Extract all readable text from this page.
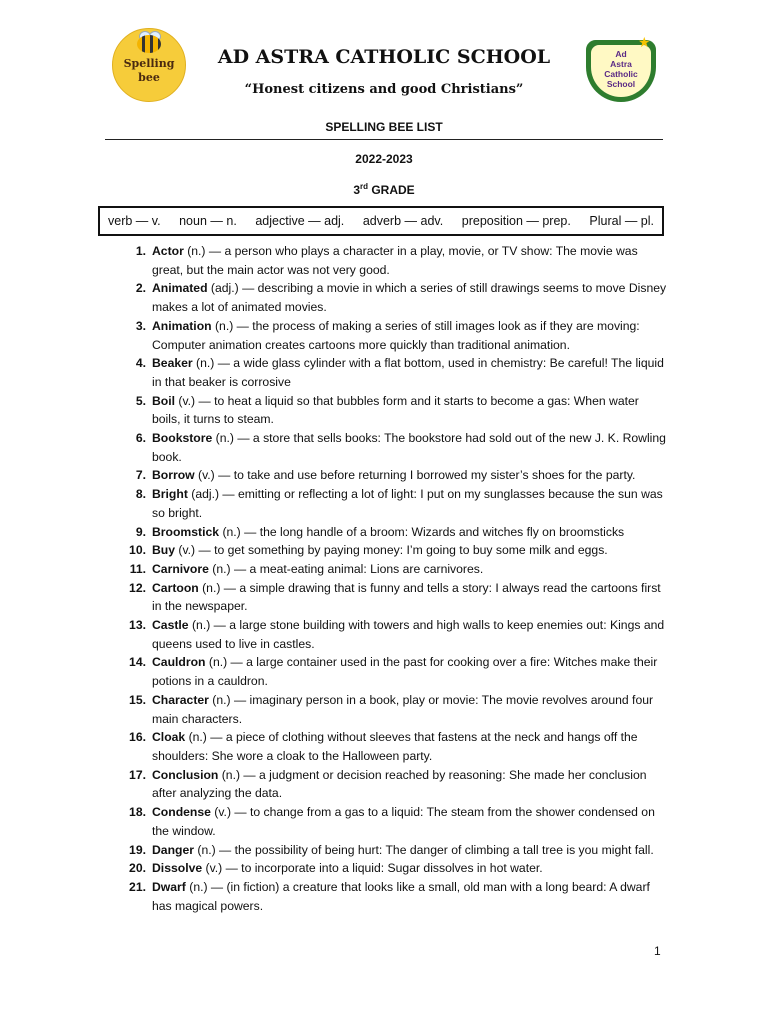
Spelling
bee
AD ASTRA CATHOLIC SCHOOL
“Honest citizens and good Christians”
Ad
Astra
Catholic
School
★
SPELLING BEE LIST
2022-2023
3rd GRADE
verb — v. noun — n. adjective — adj. adverb — adv. preposition — prep. Plural — pl.
1. Actor (n.) — a person who plays a character in a play, movie, or TV show: The movie was great, but the main actor was not very good.
2. Animated (adj.) — describing a movie in which a series of still drawings seems to move Disney makes a lot of animated movies.
3. Animation (n.) — the process of making a series of still images look as if they are moving: Computer animation creates cartoons more quickly than traditional animation.
4. Beaker (n.) — a wide glass cylinder with a flat bottom, used in chemistry: Be careful! The liquid in that beaker is corrosive
5. Boil (v.) — to heat a liquid so that bubbles form and it starts to become a gas: When water boils, it turns to steam.
6. Bookstore (n.) — a store that sells books: The bookstore had sold out of the new J. K. Rowling book.
7. Borrow (v.) — to take and use before returning I borrowed my sister’s shoes for the party.
8. Bright (adj.) — emitting or reflecting a lot of light: I put on my sunglasses because the sun was so bright.
9. Broomstick (n.) — the long handle of a broom: Wizards and witches fly on broomsticks
10. Buy (v.) — to get something by paying money: I’m going to buy some milk and eggs.
11. Carnivore (n.) — a meat-eating animal: Lions are carnivores.
12. Cartoon (n.) — a simple drawing that is funny and tells a story: I always read the cartoons first in the newspaper.
13. Castle (n.) — a large stone building with towers and high walls to keep enemies out: Kings and queens used to live in castles.
14. Cauldron (n.) — a large container used in the past for cooking over a fire: Witches make their potions in a cauldron.
15. Character (n.) — imaginary person in a book, play or movie: The movie revolves around four main characters.
16. Cloak (n.) — a piece of clothing without sleeves that fastens at the neck and hangs off the shoulders: She wore a cloak to the Halloween party.
17. Conclusion (n.) — a judgment or decision reached by reasoning: She made her conclusion after analyzing the data.
18. Condense (v.) — to change from a gas to a liquid: The steam from the shower condensed on the window.
19. Danger (n.) — the possibility of being hurt: The danger of climbing a tall tree is you might fall.
20. Dissolve (v.) — to incorporate into a liquid: Sugar dissolves in hot water.
21. Dwarf (n.) — (in fiction) a creature that looks like a small, old man with a long beard: A dwarf has magical powers.
1
